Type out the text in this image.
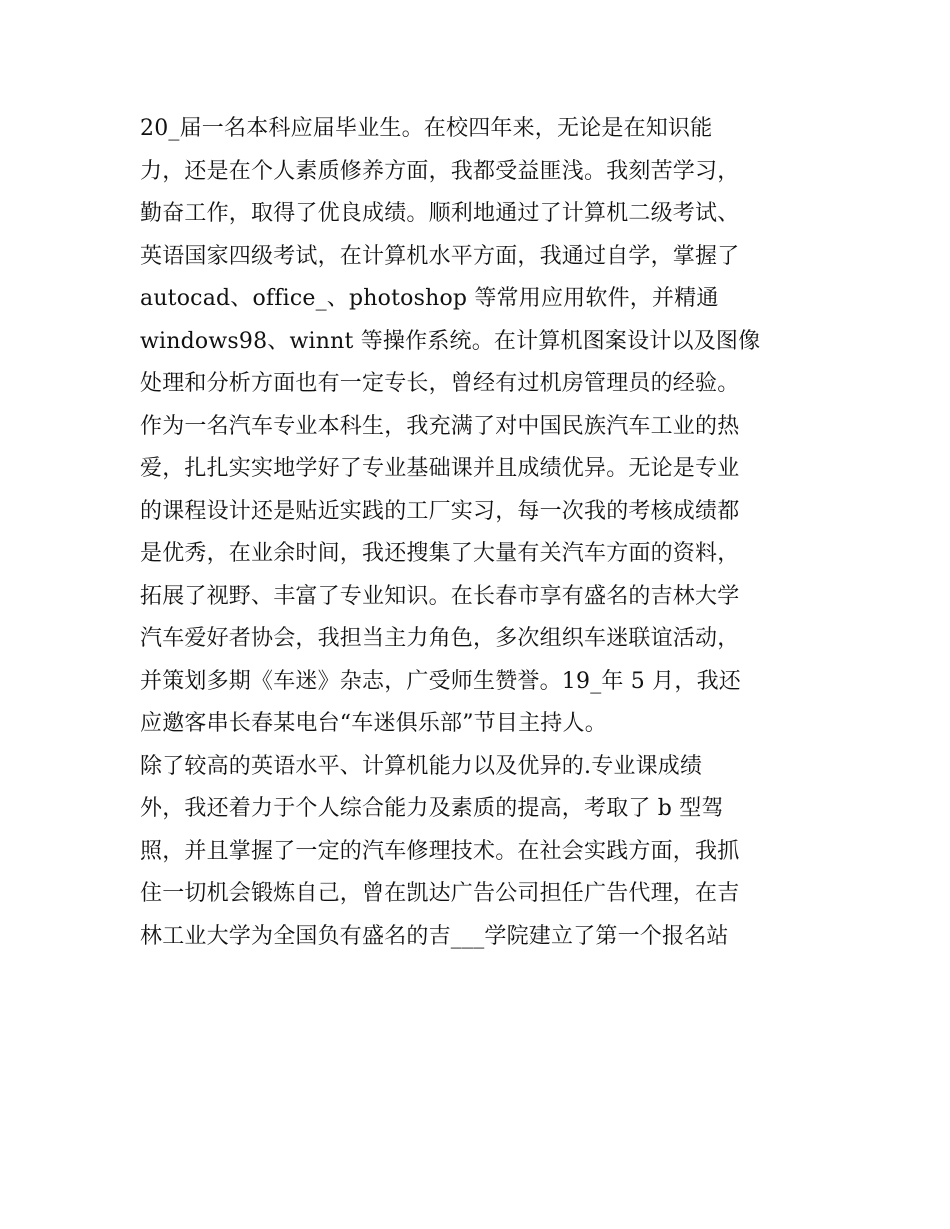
20_届一名本科应届毕业生。在校四年来，无论是在知识能
力，还是在个人素质修养方面，我都受益匪浅。我刻苦学习，
勤奋工作，取得了优良成绩。顺利地通过了计算机二级考试、
英语国家四级考试，在计算机水平方面，我通过自学，掌握了
autocad、office_、photoshop 等常用应用软件，并精通
windows98、winnt 等操作系统。在计算机图案设计以及图像
处理和分析方面也有一定专长，曾经有过机房管理员的经验。
作为一名汽车专业本科生，我充满了对中国民族汽车工业的热
爱，扎扎实实地学好了专业基础课并且成绩优异。无论是专业
的课程设计还是贴近实践的工厂实习，每一次我的考核成绩都
是优秀，在业余时间，我还搜集了大量有关汽车方面的资料，
拓展了视野、丰富了专业知识。在长春市享有盛名的吉林大学
汽车爱好者协会，我担当主力角色，多次组织车迷联谊活动，
并策划多期《车迷》杂志，广受师生赞誉。19_年 5 月，我还
应邀客串长春某电台“车迷俱乐部”节目主持人。
除了较高的英语水平、计算机能力以及优异的.专业课成绩
外，我还着力于个人综合能力及素质的提高，考取了 b 型驾
照，并且掌握了一定的汽车修理技术。在社会实践方面，我抓
住一切机会锻炼自己，曾在凯达广告公司担任广告代理，在吉
林工业大学为全国负有盛名的吉___学院建立了第一个报名站
